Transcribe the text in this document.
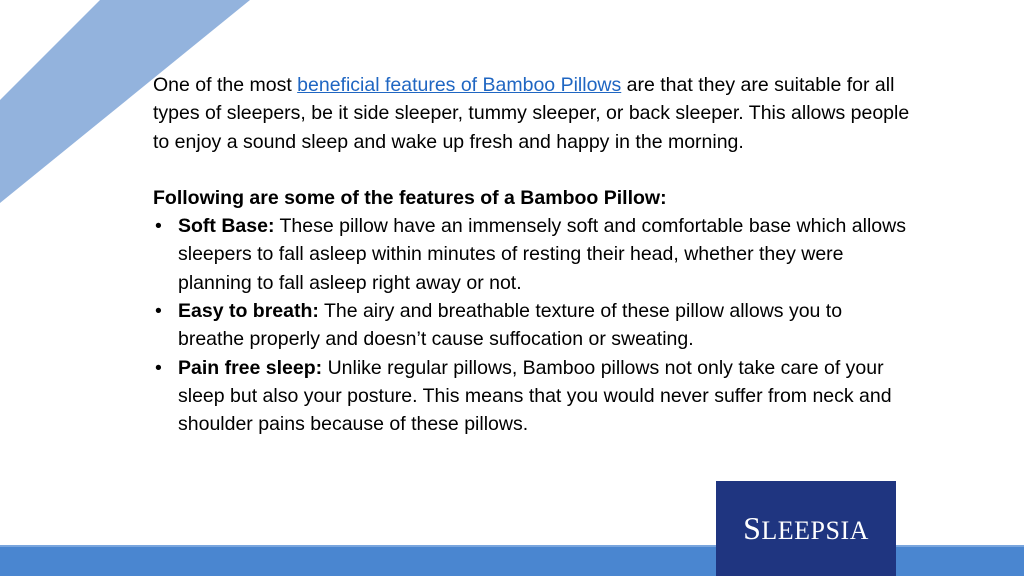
One of the most beneficial features of Bamboo Pillows are that they are suitable for all types of sleepers, be it side sleeper, tummy sleeper, or back sleeper. This allows people to enjoy a sound sleep and wake up fresh and happy in the morning.

Following are some of the features of a Bamboo Pillow:

• Soft Base: These pillow have an immensely soft and comfortable base which allows sleepers to fall asleep within minutes of resting their head, whether they were planning to fall asleep right away or not.
• Easy to breath: The airy and breathable texture of these pillow allows you to breathe properly and doesn’t cause suffocation or sweating.
• Pain free sleep: Unlike regular pillows, Bamboo pillows not only take care of your sleep but also your posture. This means that you would never suffer from neck and shoulder pains because of these pillows.
SLEEPSIA
